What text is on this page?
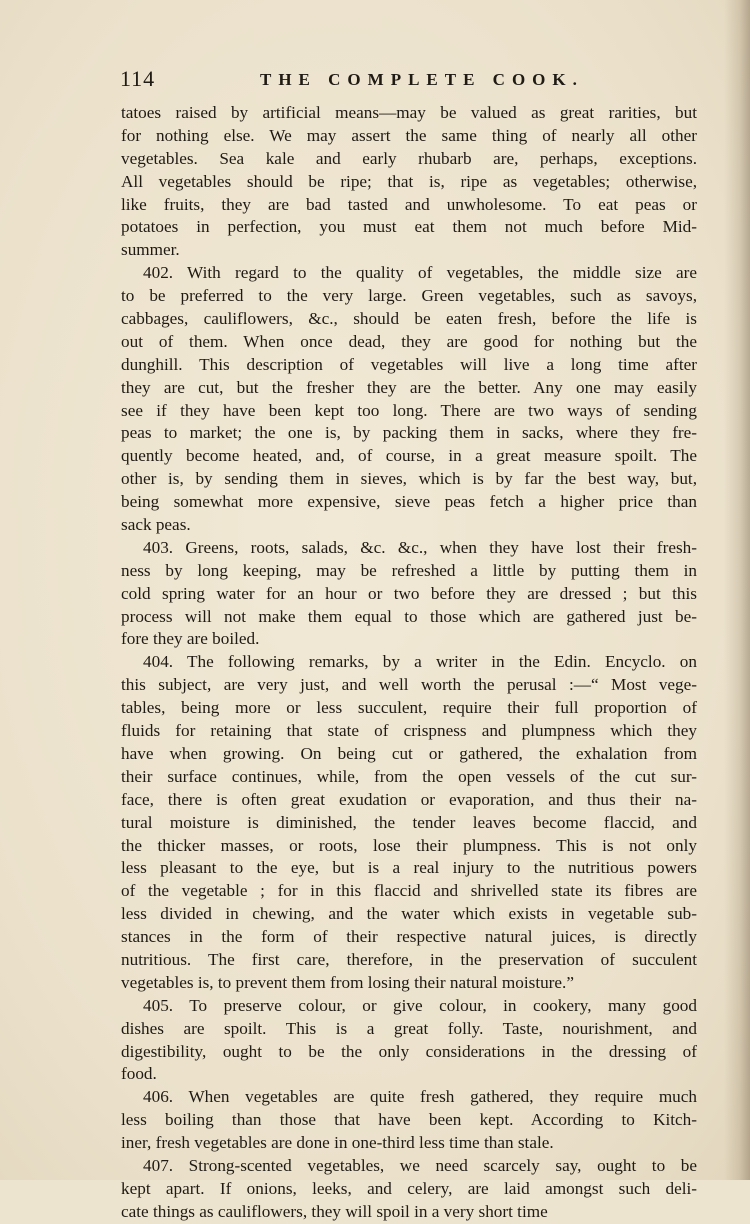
114	THE COMPLETE COOK.
tatoes raised by artificial means—may be valued as great rarities, but
for nothing else. We may assert the same thing of nearly all other
vegetables. Sea kale and early rhubarb are, perhaps, exceptions.
All vegetables should be ripe; that is, ripe as vegetables; otherwise,
like fruits, they are bad tasted and unwholesome. To eat peas or
potatoes in perfection, you must eat them not much before Mid-
summer.
402. With regard to the quality of vegetables, the middle size are
to be preferred to the very large. Green vegetables, such as savoys,
cabbages, cauliflowers, &c., should be eaten fresh, before the life is
out of them. When once dead, they are good for nothing but the
dunghill. This description of vegetables will live a long time after
they are cut, but the fresher they are the better. Any one may easily
see if they have been kept too long. There are two ways of sending
peas to market; the one is, by packing them in sacks, where they fre-
quently become heated, and, of course, in a great measure spoilt. The
other is, by sending them in sieves, which is by far the best way, but,
being somewhat more expensive, sieve peas fetch a higher price than
sack peas.
403. Greens, roots, salads, &c. &c., when they have lost their fresh-
ness by long keeping, may be refreshed a little by putting them in
cold spring water for an hour or two before they are dressed ; but this
process will not make them equal to those which are gathered just be-
fore they are boiled.
404. The following remarks, by a writer in the Edin. Encyclo. on
this subject, are very just, and well worth the perusal :—“ Most vege-
tables, being more or less succulent, require their full proportion of
fluids for retaining that state of crispness and plumpness which they
have when growing. On being cut or gathered, the exhalation from
their surface continues, while, from the open vessels of the cut sur-
face, there is often great exudation or evaporation, and thus their na-
tural moisture is diminished, the tender leaves become flaccid, and
the thicker masses, or roots, lose their plumpness. This is not only
less pleasant to the eye, but is a real injury to the nutritious powers
of the vegetable ; for in this flaccid and shrivelled state its fibres are
less divided in chewing, and the water which exists in vegetable sub-
stances in the form of their respective natural juices, is directly
nutritious. The first care, therefore, in the preservation of succulent
vegetables is, to prevent them from losing their natural moisture.”
405. To preserve colour, or give colour, in cookery, many good
dishes are spoilt. This is a great folly. Taste, nourishment, and
digestibility, ought to be the only considerations in the dressing of
food.
406. When vegetables are quite fresh gathered, they require much
less boiling than those that have been kept. According to Kitch-
iner, fresh vegetables are done in one-third less time than stale.
407. Strong-scented vegetables, we need scarcely say, ought to be
kept apart. If onions, leeks, and celery, are laid amongst such deli-
cate things as cauliflowers, they will spoil in a very short time
